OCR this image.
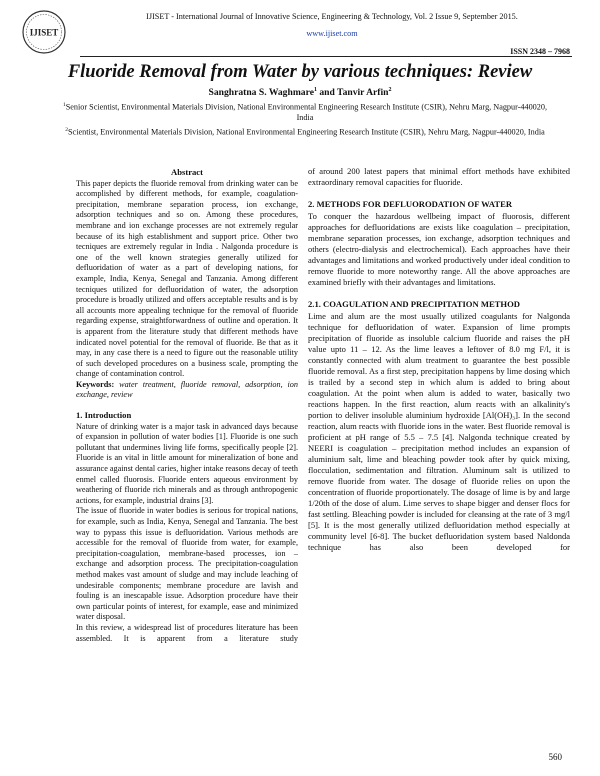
IJISET
IJISET - International Journal of Innovative Science, Engineering & Technology, Vol. 2 Issue 9, September 2015.
www.ijiset.com
ISSN 2348 – 7968
Fluoride Removal from Water by various techniques: Review
Sanghratna S. Waghmare$^1$ and Tanvir Arfin$^2$
$^1$Senior Scientist, Environmental Materials Division, National Environmental Engineering Research Institute (CSIR), Nehru Marg, Nagpur-440020, India
$^2$Scientist, Environmental Materials Division, National Environmental Engineering Research Institute (CSIR), Nehru Marg, Nagpur-440020, India

Abstract

This paper depicts the fluoride removal from drinking water can be accomplished by different methods, for example, coagulation-precipitation, membrane separation process, ion exchange, adsorption techniques and so on. Among these procedures, membrane and ion exchange processes are not extremely regular because of its high establishment and support price. Other two tecniques are extremely regular in India . Nalgonda procedure is one of the well known strategies generally utilized for defluoridation of water as a part of developing nations, for example, India, Kenya, Senegal and Tanzania. Among different tecniques utilized for defluoridation of water, the adsorption procedure is broadly utilized and offers acceptable results and is by all accounts more appealing technique for the removal of fluoride regarding expense, straightforwardness of outline and operation. It is apparent from the literature study that different methods have indicated novel potential for the removal of fluoride. Be that as it may, in any case there is a need to figure out the reasonable utility of such developed procedures on a business scale, prompting the change of contamination control.

Keywords: water treatment, fluoride removal, adsorption, ion exchange, review

1. Introduction

Nature of drinking water is a major task in advanced days because of expansion in pollution of water bodies [1]. Fluoride is one such pollutant that undermines living life forms, specifically people [2]. Fluoride is an vital in little amount for mineralization of bone and assurance against dental caries, higher intake reasons decay of teeth enmel called fluorosis. Fluoride enters aqueous environment by weathering of fluoride rich minerals and as through anthropogenic actions, for example, industrial drains [3].

The issue of fluoride in water bodies is serious for tropical nations, for example, such as India, Kenya, Senegal and Tanzania. The best way to pypass this issue is defluoridation. Various methods are accessible for the removal of fluoride from water, for example, precipitation-coagulation, membrane-based processes, ion –exchange and adsorption process. The precipitation-coagulation method makes vast amount of sludge and may include leaching of undesirable components; membrane procedure are lavish and fouling is an inescapable issue. Adsorption procedure have their own particular points of interest, for example, ease and minimized water disposal.

In this review, a widespread list of procedures literature has been assembled. It is apparent from a literature study

of around 200 latest papers that minimal effort methods have exhibited extraordinary removal capacities for fluoride.

2. METHODS FOR DEFLUORODATION OF WATER

To conquer the hazardous wellbeing impact of fluorosis, different approaches for defluoridations are exists like coagulation – precipitation, membrane separation processes, ion exchange, adsorption techniques and others (electro-dialysis and electrochemical). Each approaches have their advantages and limitations and worked productively under ideal condition to remove fluoride to more noteworthy range. All the above approaches are examined briefly with their advantages and limitations.

2.1. COAGULATION AND PRECIPITATION METHOD

Lime and alum are the most usually utilized coagulants for Nalgonda technique for defluoridation of water. Expansion of lime prompts precipitation of fluoride as insoluble calcium fluoride and raises the pH value upto 11 – 12. As the lime leaves a leftover of 8.0 mg F/l, it is constantly connected with alum treatment to guarantee the best possible fluoride removal. As a first step, precipitation happens by lime dosing which is trailed by a second step in which alum is added to bring about coagulation. At the point when alum is added to water, basically two reactions happen. In the first reaction, alum reacts with an alkalinity's portion to deliver insoluble aluminium hydroxide [Al(OH)₃]. In the second reaction, alum reacts with fluoride ions in the water. Best fluoride removal is proficient at pH range of 5.5 – 7.5 [4]. Nalgonda technique created by NEERI is coagulation – precipitation method includes an expansion of aluminium salt, lime and bleaching powder took after by quick mixing, flocculation, sedimentation and filtration. Aluminum salt is utilized to remove fluoride from water. The dosage of fluoride relies on upon the concentration of fluoride proportionately. The dosage of lime is by and large 1/20th of the dose of alum. Lime serves to shape bigger and denser flocs for fast settling. Bleaching powder is included for cleansing at the rate of 3 mg/l [5]. It is the most generally utilized defluoridation method especially at community level [6-8]. The bucket defluoridation system based Naldonda technique has also been developed for

560
